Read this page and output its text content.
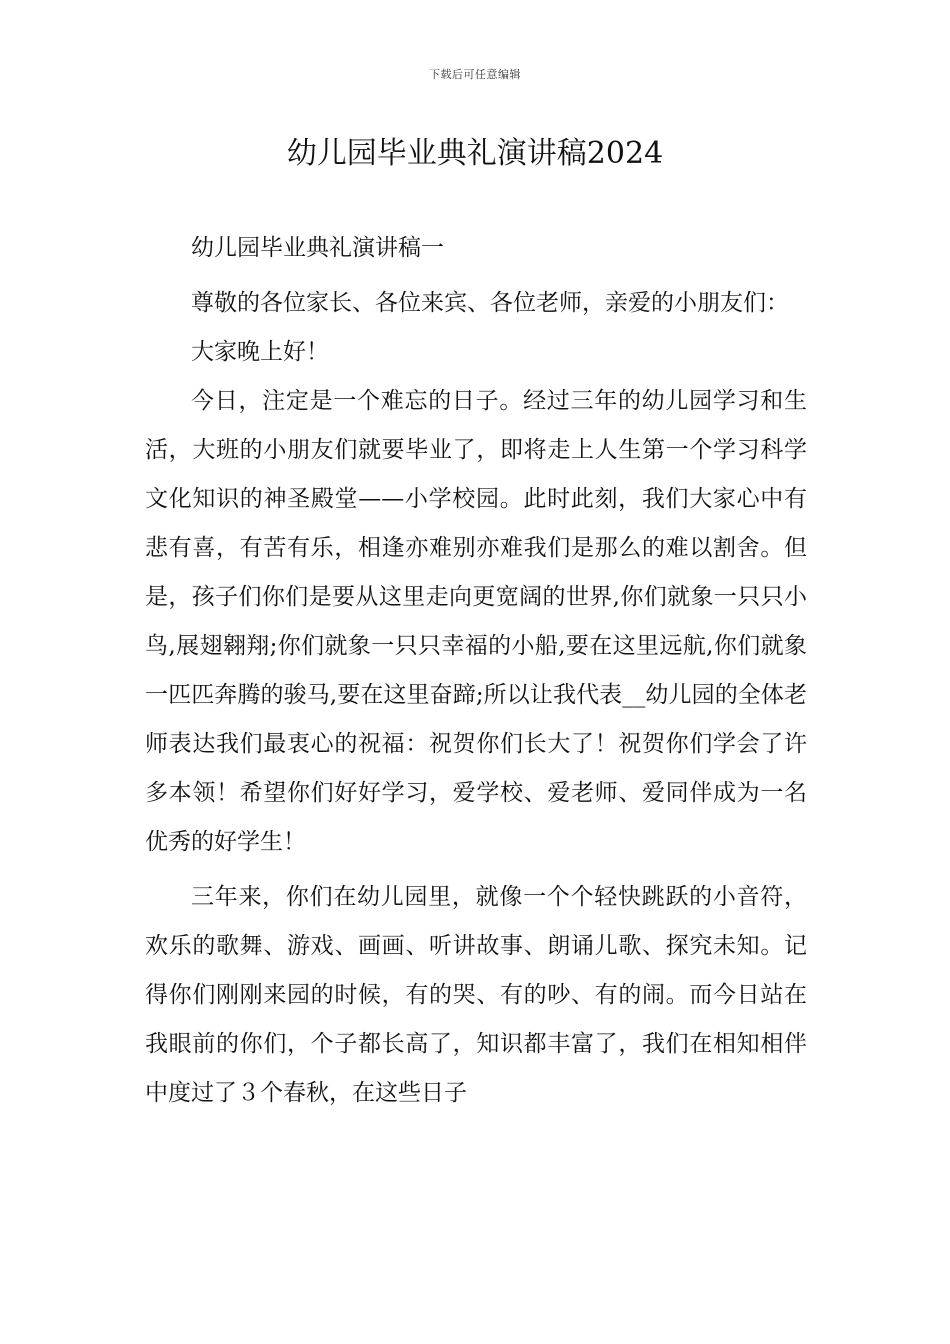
下载后可任意编辑
幼儿园毕业典礼演讲稿2024

幼儿园毕业典礼演讲稿一

尊敬的各位家长、各位来宾、各位老师，亲爱的小朋友们：

大家晚上好！

今日，注定是一个难忘的日子。经过三年的幼儿园学习和生活，大班的小朋友们就要毕业了，即将走上人生第一个学习科学文化知识的神圣殿堂——小学校园。此时此刻，我们大家心中有悲有喜，有苦有乐，相逢亦难别亦难我们是那么的难以割舍。但是，孩子们你们是要从这里走向更宽阔的世界,你们就象一只只小鸟,展翅翱翔;你们就象一只只幸福的小船,要在这里远航,你们就象一匹匹奔腾的骏马,要在这里奋蹄;所以让我代表__幼儿园的全体老师表达我们最衷心的祝福：祝贺你们长大了！祝贺你们学会了许多本领！希望你们好好学习，爱学校、爱老师、爱同伴成为一名优秀的好学生！

三年来，你们在幼儿园里，就像一个个轻快跳跃的小音符，欢乐的歌舞、游戏、画画、听讲故事、朗诵儿歌、探究未知。记得你们刚刚来园的时候，有的哭、有的吵、有的闹。而今日站在我眼前的你们，个子都长高了，知识都丰富了，我们在相知相伴中度过了３个春秋，在这些日子
